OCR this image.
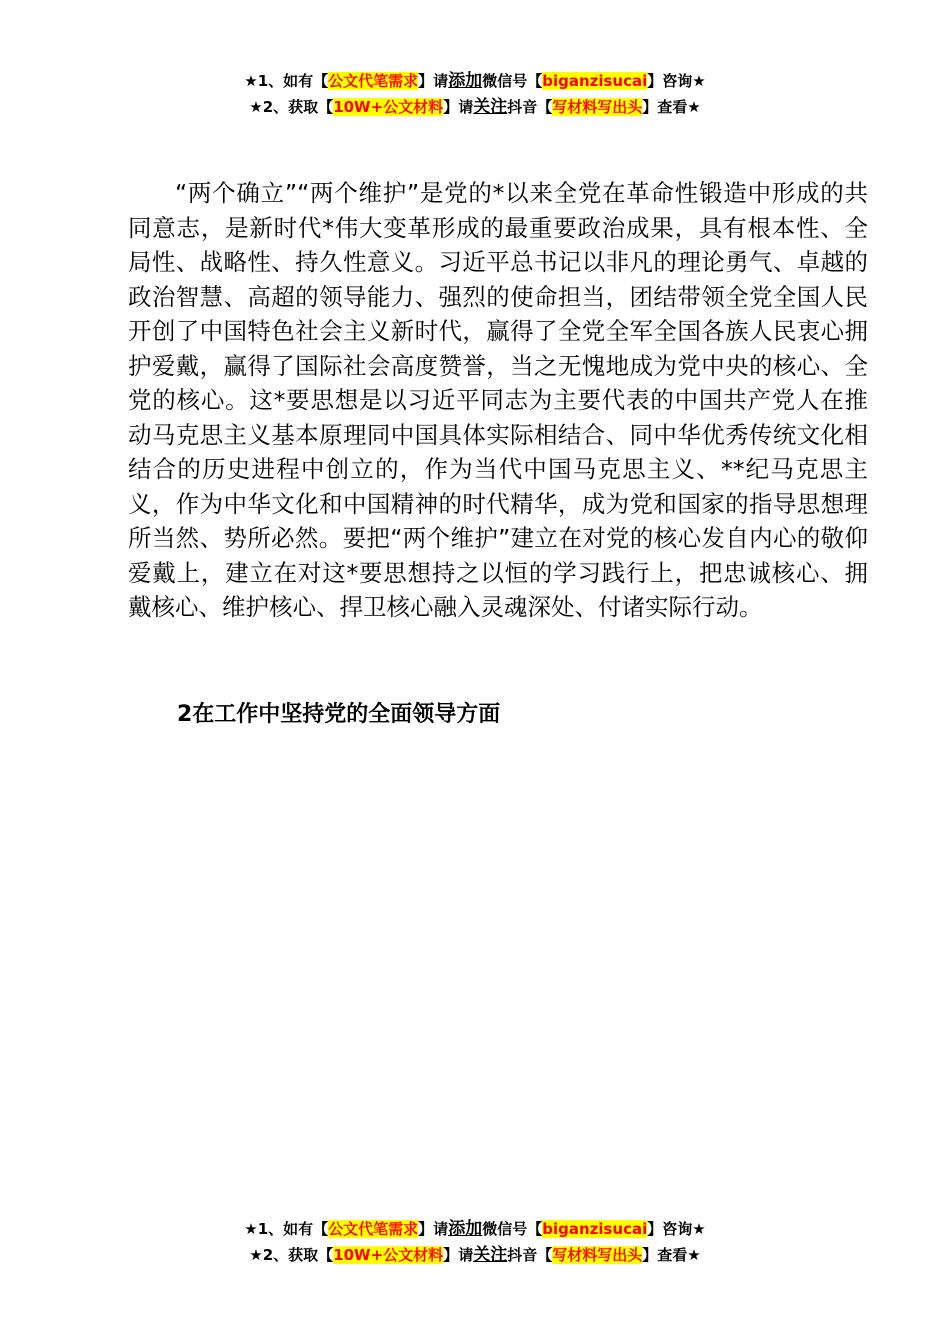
★1、如有【公文代笔需求】请添加微信号【biganzisucai】咨询★
★2、获取【10W+公文材料】请关注抖音【写材料写出头】查看★

“两个确立”“两个维护”是党的*以来全党在革命性锻造中形成的共同意志，是新时代*伟大变革形成的最重要政治成果，具有根本性、全局性、战略性、持久性意义。习近平总书记以非凡的理论勇气、卓越的政治智慧、高超的领导能力、强烈的使命担当，团结带领全党全国人民开创了中国特色社会主义新时代，赢得了全党全军全国各族人民衷心拥护爱戴，赢得了国际社会高度赞誉，当之无愧地成为党中央的核心、全党的核心。这*要思想是以习近平同志为主要代表的中国共产党人在推动马克思主义基本原理同中国具体实际相结合、同中华优秀传统文化相结合的历史进程中创立的，作为当代中国马克思主义、**纪马克思主义，作为中华文化和中国精神的时代精华，成为党和国家的指导思想理所当然、势所必然。要把“两个维护”建立在对党的核心发自内心的敬仰爱戴上，建立在对这*要思想持之以恒的学习践行上，把忠诚核心、拥戴核心、维护核心、捍卫核心融入灵魂深处、付诸实际行动。

2在工作中坚持党的全面领导方面
★1、如有【公文代笔需求】请添加微信号【biganzisucai】咨询★
★2、获取【10W+公文材料】请关注抖音【写材料写出头】查看★
